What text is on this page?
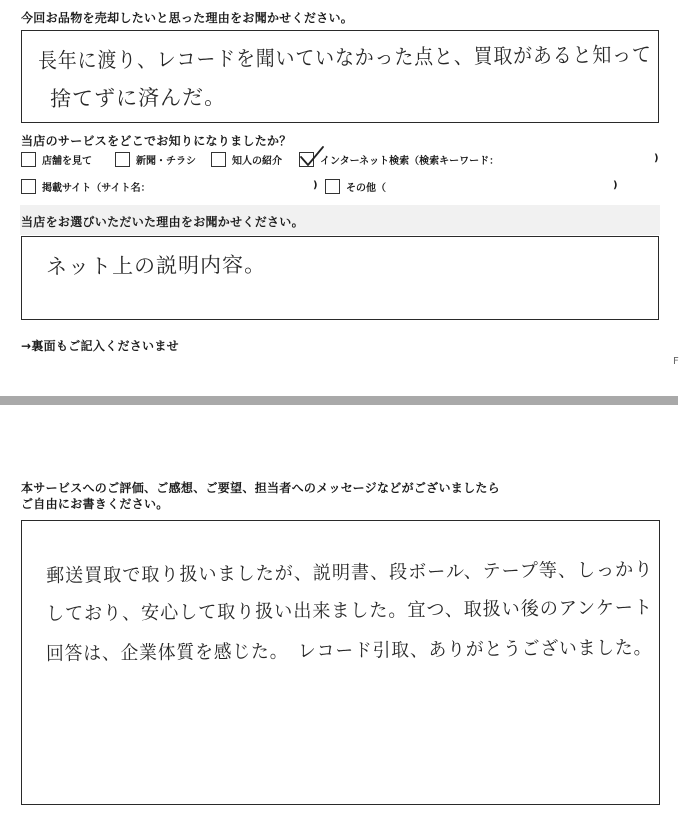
今回お品物を売却したいと思った理由をお聞かせください。
長年に渡り、レコードを聞いていなかった点と、買取があると知って
捨てずに済んだ。
当店のサービスをどこでお知りになりましたか？
店舗を見て	新聞・チラシ	知人の紹介	インターネット検索（検索キーワード：	)
掲載サイト（サイト名：	)	その他（	)
当店をお選びいただいた理由をお聞かせください。
ネット上の説明内容。
→裏面もご記入くださいませ
F
本サービスへのご評価、ご感想、ご要望、担当者へのメッセージなどがございましたら
ご自由にお書きください。
郵送買取で取り扱いましたが、説明書、段ボール、テープ等、しっかり
しており、安心して取り扱い出来ました。宜つ、取扱い後のアンケート
回答は、企業体質を感じた。　レコード引取、ありがとうございました。
